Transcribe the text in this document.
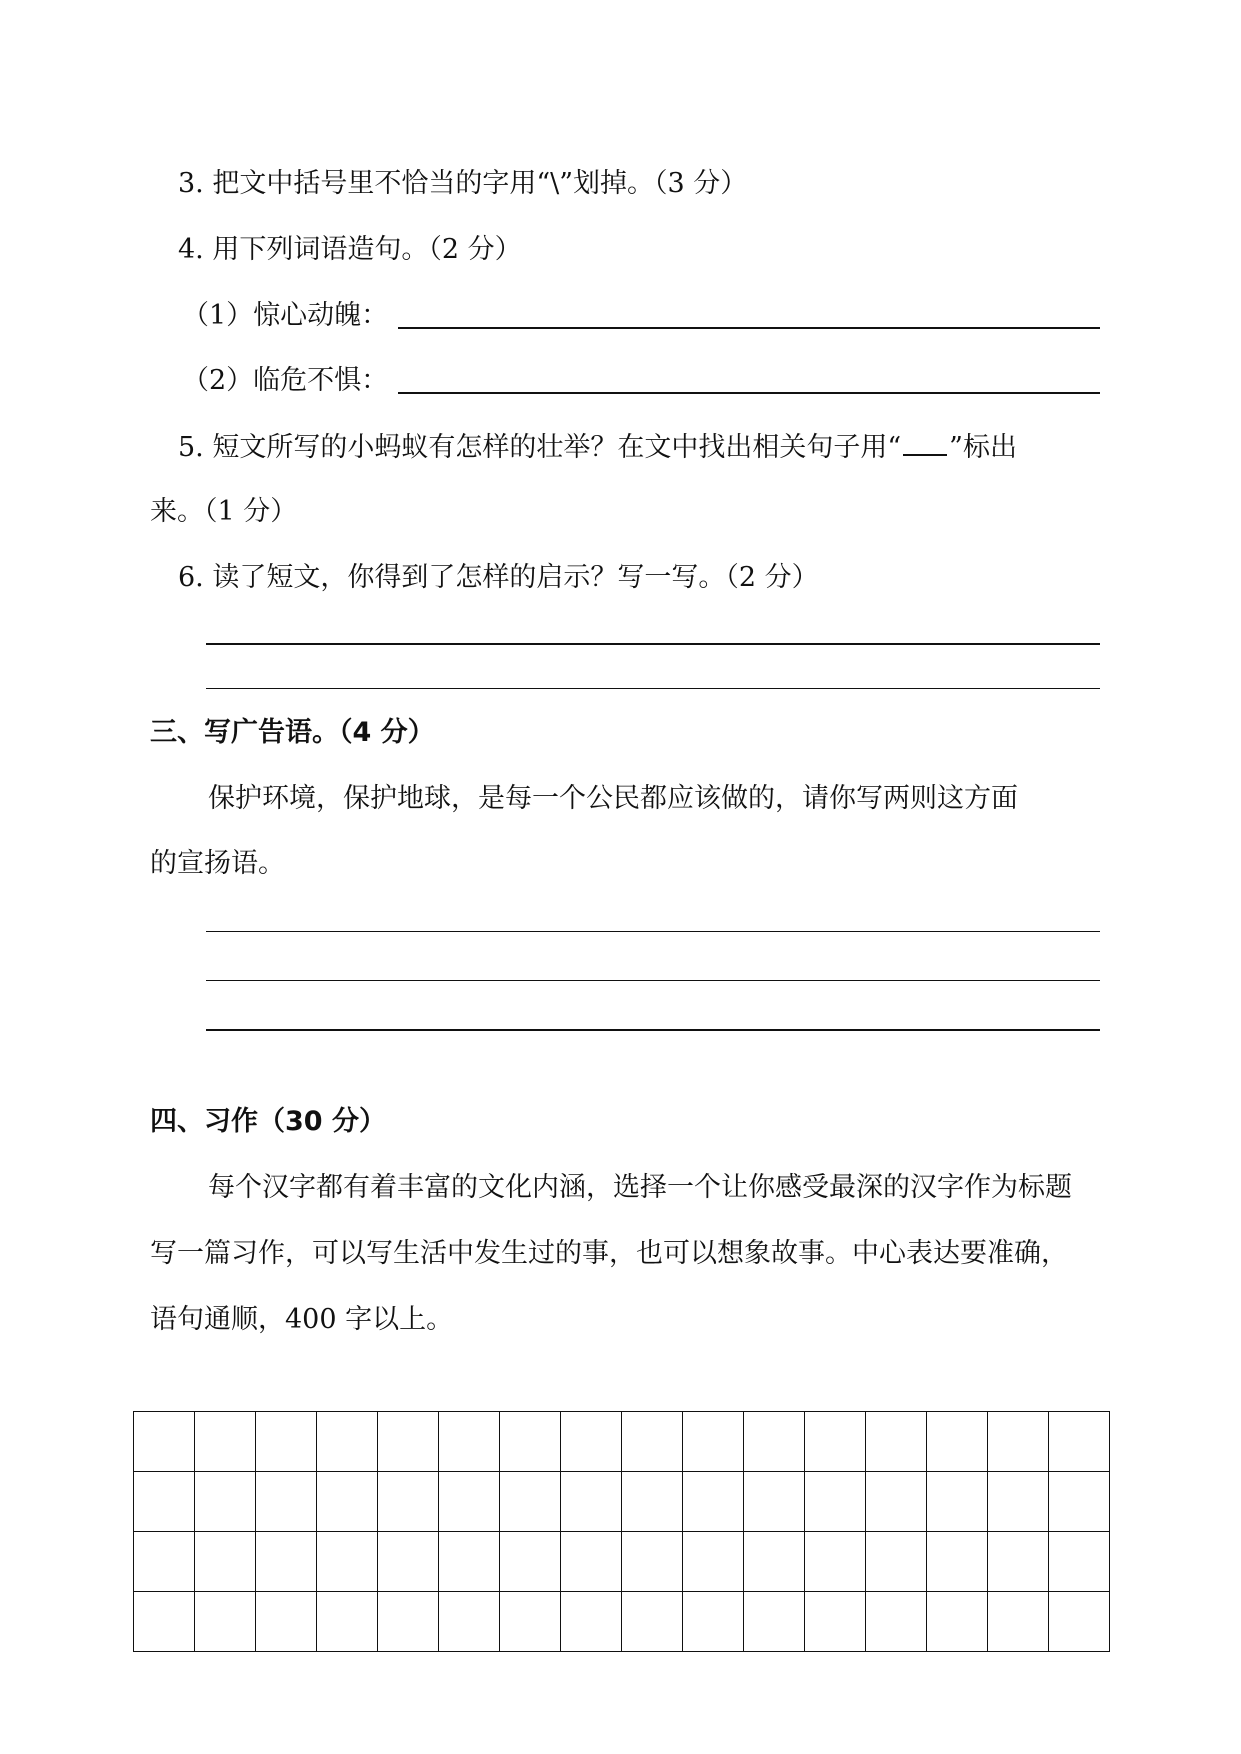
3. 把文中括号里不恰当的字用“\”划掉。（3 分）
4. 用下列词语造句。（2 分）
（1）惊心动魄：
（2）临危不惧：
5. 短文所写的小蚂蚁有怎样的壮举？在文中找出相关句子用“ ”标出
来。（1 分）
6. 读了短文，你得到了怎样的启示？写一写。（2 分）
三、写广告语。（4 分）
保护环境，保护地球，是每一个公民都应该做的，请你写两则这方面
的宣扬语。
四、习作（30 分）
每个汉字都有着丰富的文化内涵，选择一个让你感受最深的汉字作为标题
写一篇习作，可以写生活中发生过的事，也可以想象故事。中心表达要准确，
语句通顺，400 字以上。
